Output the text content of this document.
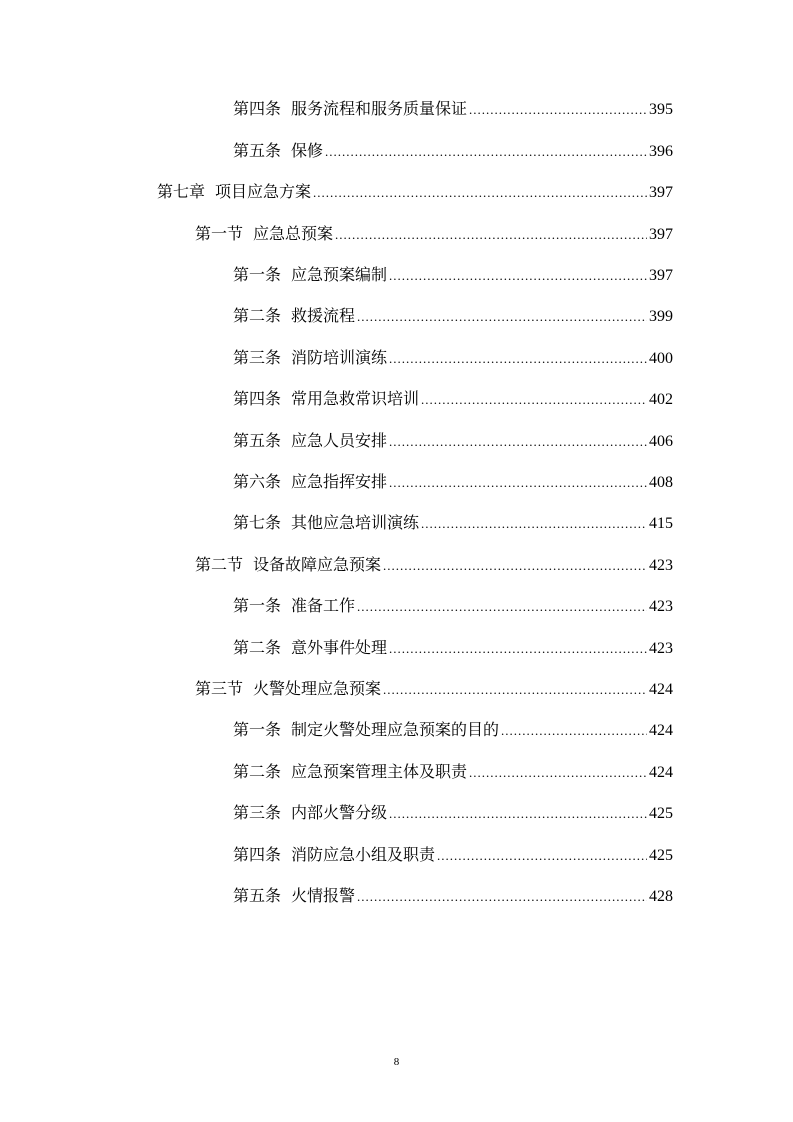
第四条 服务流程和服务质量保证 .....	395
第五条 保修 .....	396
第七章 项目应急方案 .....	397
第一节 应急总预案 .....	397
第一条 应急预案编制 .....	397
第二条 救援流程 .....	399
第三条 消防培训演练 .....	400
第四条 常用急救常识培训 .....	402
第五条 应急人员安排 .....	406
第六条 应急指挥安排 .....	408
第七条 其他应急培训演练 .....	415
第二节 设备故障应急预案 .....	423
第一条 准备工作 .....	423
第二条 意外事件处理 .....	423
第三节 火警处理应急预案 .....	424
第一条 制定火警处理应急预案的目的 .....	424
第二条 应急预案管理主体及职责 .....	424
第三条 内部火警分级 .....	425
第四条 消防应急小组及职责 .....	425
第五条 火情报警 .....	428
8
